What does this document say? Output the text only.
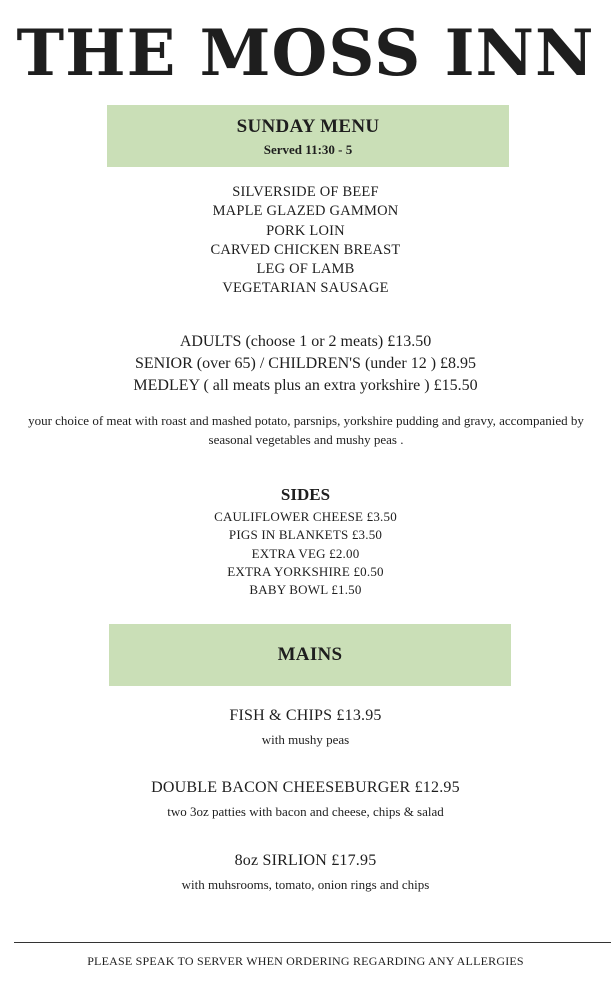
THE MOSS INN
SUNDAY MENU
Served 11:30 - 5
SILVERSIDE OF BEEF
MAPLE GLAZED GAMMON
PORK LOIN
CARVED CHICKEN BREAST
LEG OF LAMB
VEGETARIAN SAUSAGE
ADULTS (choose 1 or 2 meats) £13.50
SENIOR (over 65) / CHILDREN'S (under 12 ) £8.95
MEDLEY ( all meats plus an extra yorkshire ) £15.50
your choice of meat with roast and mashed potato, parsnips, yorkshire pudding and gravy, accompanied by seasonal vegetables and mushy peas .
SIDES
CAULIFLOWER CHEESE £3.50
PIGS IN BLANKETS £3.50
EXTRA VEG £2.00
EXTRA YORKSHIRE £0.50
BABY BOWL £1.50
MAINS
FISH & CHIPS £13.95
with mushy peas
DOUBLE BACON CHEESEBURGER £12.95
two 3oz patties with bacon and cheese, chips & salad
8oz SIRLION £17.95
with muhsrooms, tomato, onion rings and chips
PLEASE SPEAK TO SERVER WHEN ORDERING REGARDING ANY ALLERGIES
